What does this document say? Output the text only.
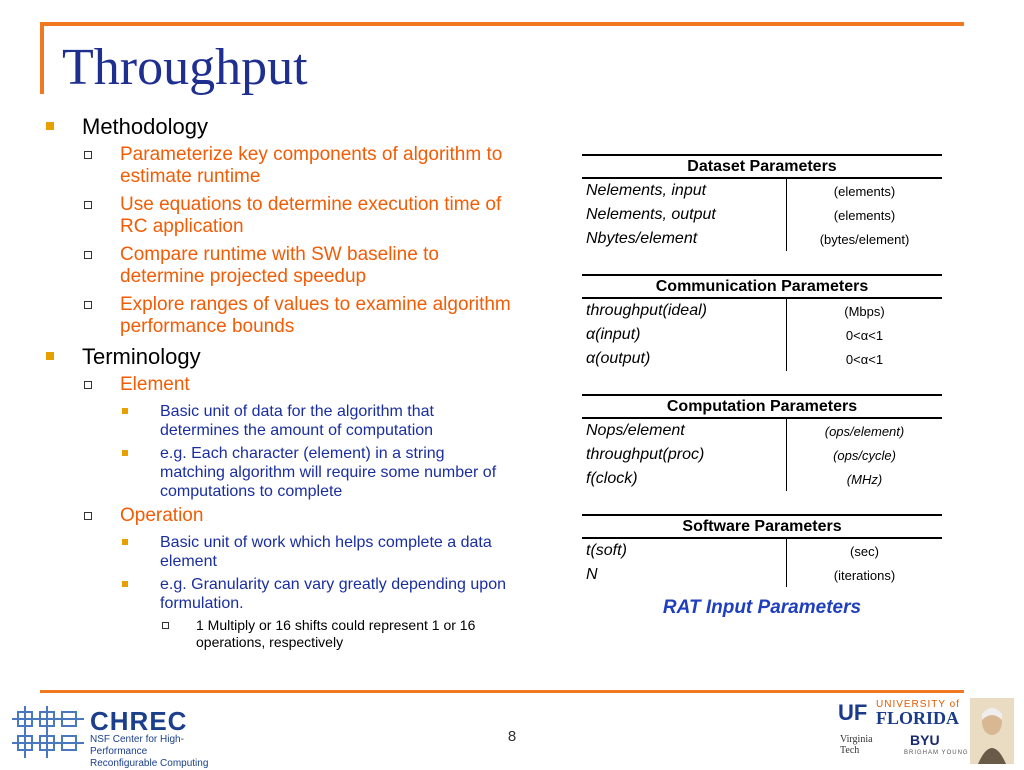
Throughput
Methodology
Parameterize key components of algorithm to estimate runtime
Use equations to determine execution time of RC application
Compare runtime with SW baseline to determine projected speedup
Explore ranges of values to examine algorithm performance bounds
Terminology
Element
Basic unit of data for the algorithm that determines the amount of computation
e.g. Each character (element) in a string matching algorithm will require some number of computations to complete
Operation
Basic unit of work which helps complete a data element
e.g. Granularity can vary greatly depending upon formulation.
1 Multiply or 16 shifts could represent 1 or 16 operations, respectively
Dataset Parameters	
Nelements, input	(elements)
Nelements, output	(elements)
Nbytes/element	(bytes/element)
Communication Parameters	
throughput(ideal)	(Mbps)
α(input)	0<α<1
α(output)	0<α<1
Computation Parameters	
Nops/element	(ops/element)
throughput(proc)	(ops/cycle)
f(clock)	(MHz)
Software Parameters	
t(soft)	(sec)
N	(iterations)
RAT Input Parameters
8
CHREC
NSF Center for High-Performance
Reconfigurable Computing
UF UNIVERSITY of
FLORIDA
Virginia
Tech
BYU
BRIGHAM YOUNG
